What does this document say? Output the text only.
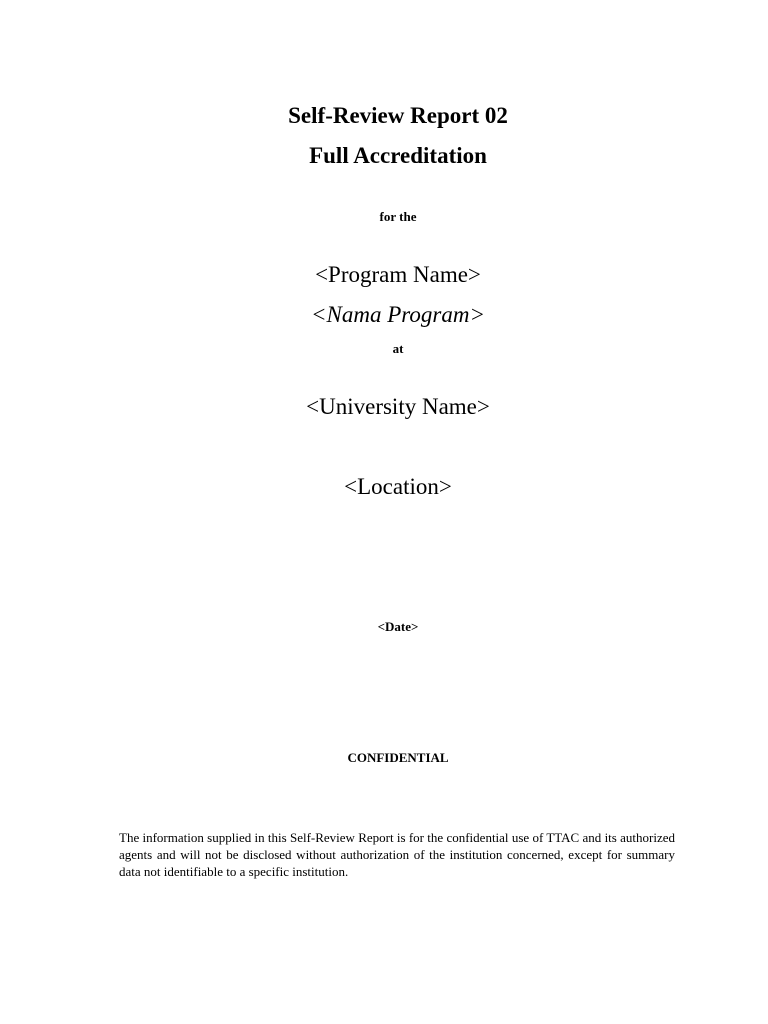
Self-Review Report 02
Full Accreditation
for the
<Program Name>
<Nama Program>
at
<University Name>
<Location>
<Date>
CONFIDENTIAL
The information supplied in this Self-Review Report is for the confidential use of TTAC and its authorized agents and will not be disclosed without authorization of the institution concerned, except for summary data not identifiable to a specific institution.
